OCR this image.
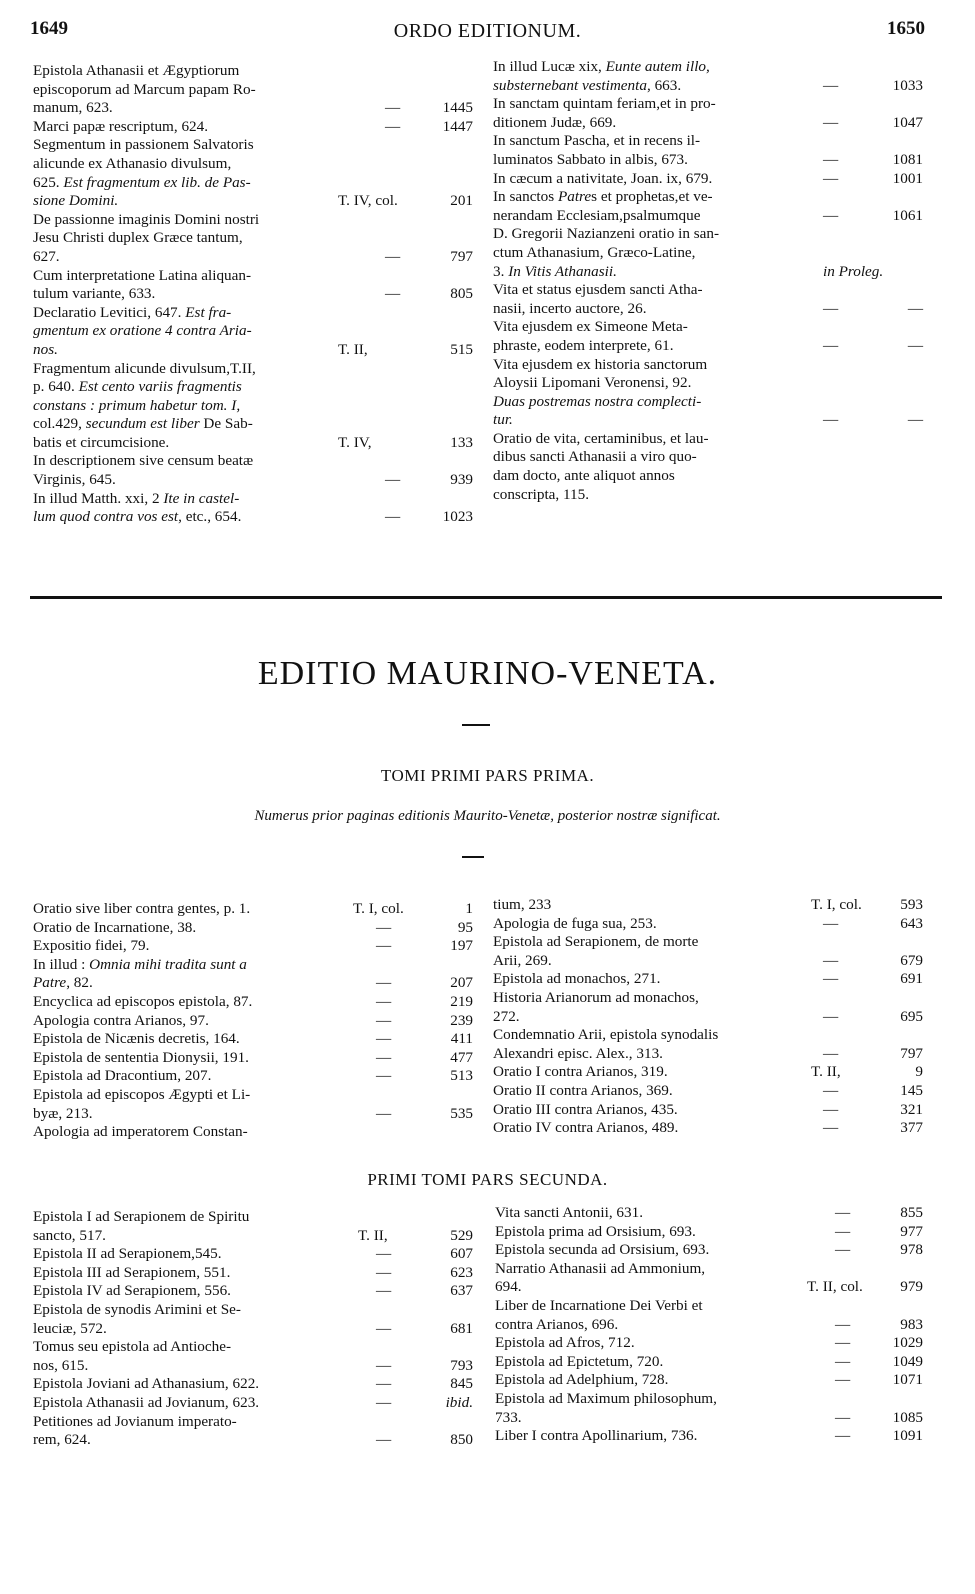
1649	ORDO EDITIONUM.	1650
Epistola Athanasii et Ægyptiorum
episcoporum ad Marcum papam Ro-
manum, 623.	—	1445
Marci papæ rescriptum, 624.	—	1447
Segmentum in passionem Salvatoris
alicunde ex Athanasio divulsum,
625. Est fragmentum ex lib. de Pas-
sione Domini.	T. IV, col.	201
De passionne imaginis Domini nostri
Jesu Christi duplex Græce tantum,
627.	—	797
Cum interpretatione Latina aliquan-
tulum variante, 633.	—	805
Declaratio Levitici, 647. Est fra-
gmentum ex oratione 4 contra Aria-
nos.	T. II,	515
Fragmentum alicunde divulsum,T.II,
p. 640. Est cento variis fragmentis
constans : primum habetur tom. I,
col.429, secundum est liber De Sab-
batis et circumcisione.	T. IV,	133
In descriptionem sive censum beatæ
Virginis, 645.	—	939
In illud Matth. xxi, 2 Ite in castel-
lum quod contra vos est, etc., 654.	—	1023
In illud Lucæ xix, Eunte autem illo,
substernebant vestimenta, 663.	—	1033
In sanctam quintam feriam,et in pro-
ditionem Judæ, 669.	—	1047
In sanctum Pascha, et in recens il-
luminatos Sabbato in albis, 673.	—	1081
In cæcum a nativitate, Joan. ix, 679.	—	1001
In sanctos Patres et prophetas,et ve-
nerandam Ecclesiam,psalmumque	—	1061
D. Gregorii Nazianzeni oratio in san-
ctum Athanasium, Græco-Latine,
3. In Vitis Athanasii.	in Proleg.
Vita et status ejusdem sancti Atha-
nasii, incerto auctore, 26.	—	—
Vita ejusdem ex Simeone Meta-
phraste, eodem interprete, 61.	—	—
Vita ejusdem ex historia sanctorum
Aloysii Lipomani Veronensi, 92.
Duas postremas nostra complecti-
tur.	—	—
Oratio de vita, certaminibus, et lau-
dibus sancti Athanasii a viro quo-
dam docto, ante aliquot annos
conscripta, 115.
EDITIO MAURINO-VENETA.
TOMI PRIMI PARS PRIMA.
Numerus prior paginas editionis Maurito-Venetæ, posterior nostræ significat.
Oratio sive liber contra gentes, p. 1.	T. I, col.	1
Oratio de Incarnatione, 38.	—	95
Expositio fidei, 79.	—	197
In illud : Omnia mihi tradita sunt a
Patre, 82.	—	207
Encyclica ad episcopos epistola, 87.	—	219
Apologia contra Arianos, 97.	—	239
Epistola de Nicænis decretis, 164.	—	411
Epistola de sententia Dionysii, 191.	—	477
Epistola ad Dracontium, 207.	—	513
Epistola ad episcopos Ægypti et Li-
byæ, 213.	—	535
Apologia ad imperatorem Constan-
tium, 233	T. I, col.	593
Apologia de fuga sua, 253.	—	643
Epistola ad Serapionem, de morte
Arii, 269.	—	679
Epistola ad monachos, 271.	—	691
Historia Arianorum ad monachos,
272.	—	695
Condemnatio Arii, epistola synodalis
Alexandri episc. Alex., 313.	—	797
Oratio I contra Arianos, 319.	T. II,	9
Oratio II contra Arianos, 369.	—	145
Oratio III contra Arianos, 435.	—	321
Oratio IV contra Arianos, 489.	—	377
PRIMI TOMI PARS SECUNDA.
Epistola I ad Serapionem de Spiritu
sancto, 517.	T. II,	529
Epistola II ad Serapionem,545.	—	607
Epistola III ad Serapionem, 551.	—	623
Epistola IV ad Serapionem, 556.	—	637
Epistola de synodis Arimini et Se-
leuciæ, 572.	—	681
Tomus seu epistola ad Antioche-
nos, 615.	—	793
Epistola Joviani ad Athanasium, 622.	—	845
Epistola Athanasii ad Jovianum, 623.	—	ibid.
Petitiones ad Jovianum imperato-
rem, 624.	—	850
Vita sancti Antonii, 631.	—	855
Epistola prima ad Orsisium, 693.	—	977
Epistola secunda ad Orsisium, 693.	—	978
Narratio Athanasii ad Ammonium,
694.	T. II, col. 979
Liber de Incarnatione Dei Verbi et
contra Arianos, 696.	—	983
Epistola ad Afros, 712.	—	1029
Epistola ad Epictetum, 720.	—	1049
Epistola ad Adelphium, 728.	—	1071
Epistola ad Maximum philosophum,
733.	—	1085
Liber I contra Apollinarium, 736.	—	1091
